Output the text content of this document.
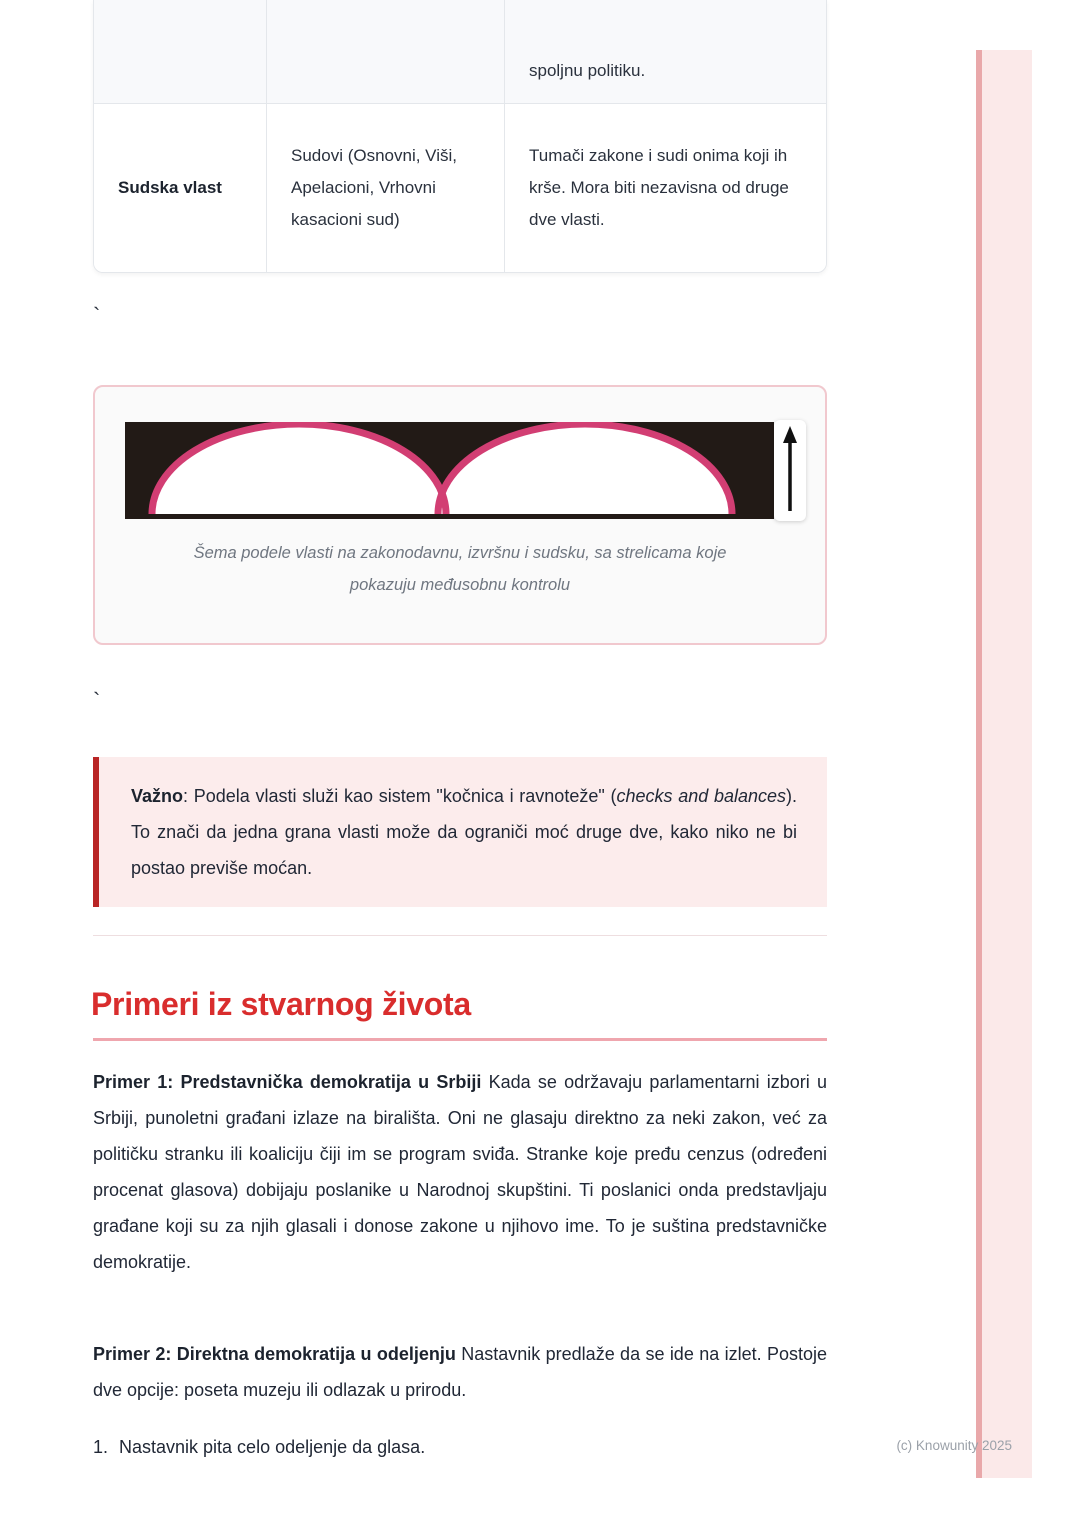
spoljnu politiku.
Sudska vlast
Sudovi (Osnovni, Viši, Apelacioni, Vrhovni kasacioni sud)
Tumači zakone i sudi onima koji ih krše. Mora biti nezavisna od druge dve vlasti.
`
`
Šema podele vlasti na zakonodavnu, izvršnu i sudsku, sa strelicama koje pokazuju međusobnu kontrolu

Važno: Podela vlasti služi kao sistem "kočnica i ravnoteže" (checks and balances). To znači da jedna grana vlasti može da ograniči moć druge dve, kako niko ne bi postao previše moćan.

Primeri iz stvarnog života

Primer 1: Predstavnička demokratija u Srbiji Kada se održavaju parlamentarni izbori u Srbiji, punoletni građani izlaze na birališta. Oni ne glasaju direktno za neki zakon, već za političku stranku ili koaliciju čiji im se program sviđa. Stranke koje pređu cenzus (određeni procenat glasova) dobijaju poslanike u Narodnoj skupštini. Ti poslanici onda predstavljaju građane koji su za njih glasali i donose zakone u njihovo ime. To je suština predstavničke demokratije.

Primer 2: Direktna demokratija u odeljenju Nastavnik predlaže da se ide na izlet. Postoje dve opcije: poseta muzeju ili odlazak u prirodu.

1. Nastavnik pita celo odeljenje da glasa.	(c) Knowunity 2025
